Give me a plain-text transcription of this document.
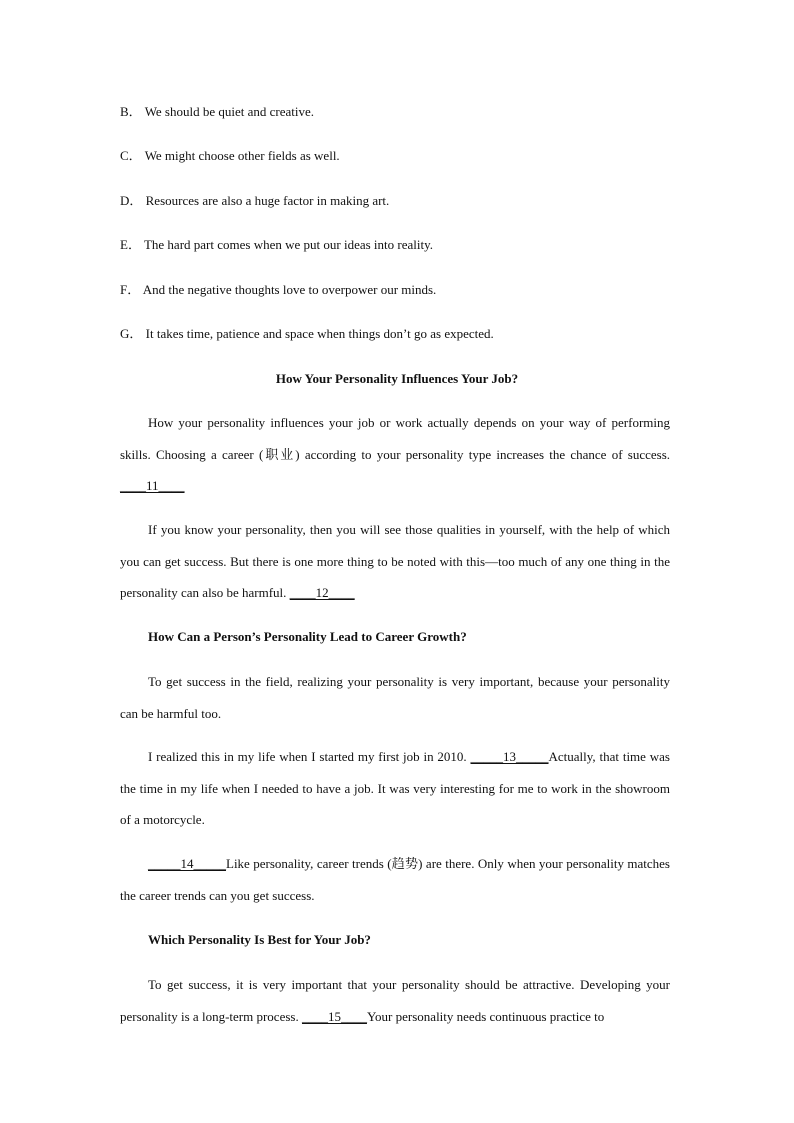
B． We should be quiet and creative.
C． We might choose other fields as well.
D． Resources are also a huge factor in making art.
E． The hard part comes when we put our ideas into reality.
F． And the negative thoughts love to overpower our minds.
G． It takes time, patience and space when things don’t go as expected.
How Your Personality Influences Your Job?
How your personality influences your job or work actually depends on your way of performing skills. Choosing a career (职业) according to your personality type increases the chance of success. ____11____
If you know your personality, then you will see those qualities in yourself, with the help of which you can get success. But there is one more thing to be noted with this—too much of any one thing in the personality can also be harmful. ____12____
How Can a Person’s Personality Lead to Career Growth?
To get success in the field, realizing your personality is very important, because your personality can be harmful too.
I realized this in my life when I started my first job in 2010. _____13_____Actually, that time was the time in my life when I needed to have a job. It was very interesting for me to work in the showroom of a motorcycle.
_____14_____Like personality, career trends (趋势) are there. Only when your personality matches the career trends can you get success.
Which Personality Is Best for Your Job?
To get success, it is very important that your personality should be attractive. Developing your personality is a long-term process. ____15____Your personality needs continuous practice to
